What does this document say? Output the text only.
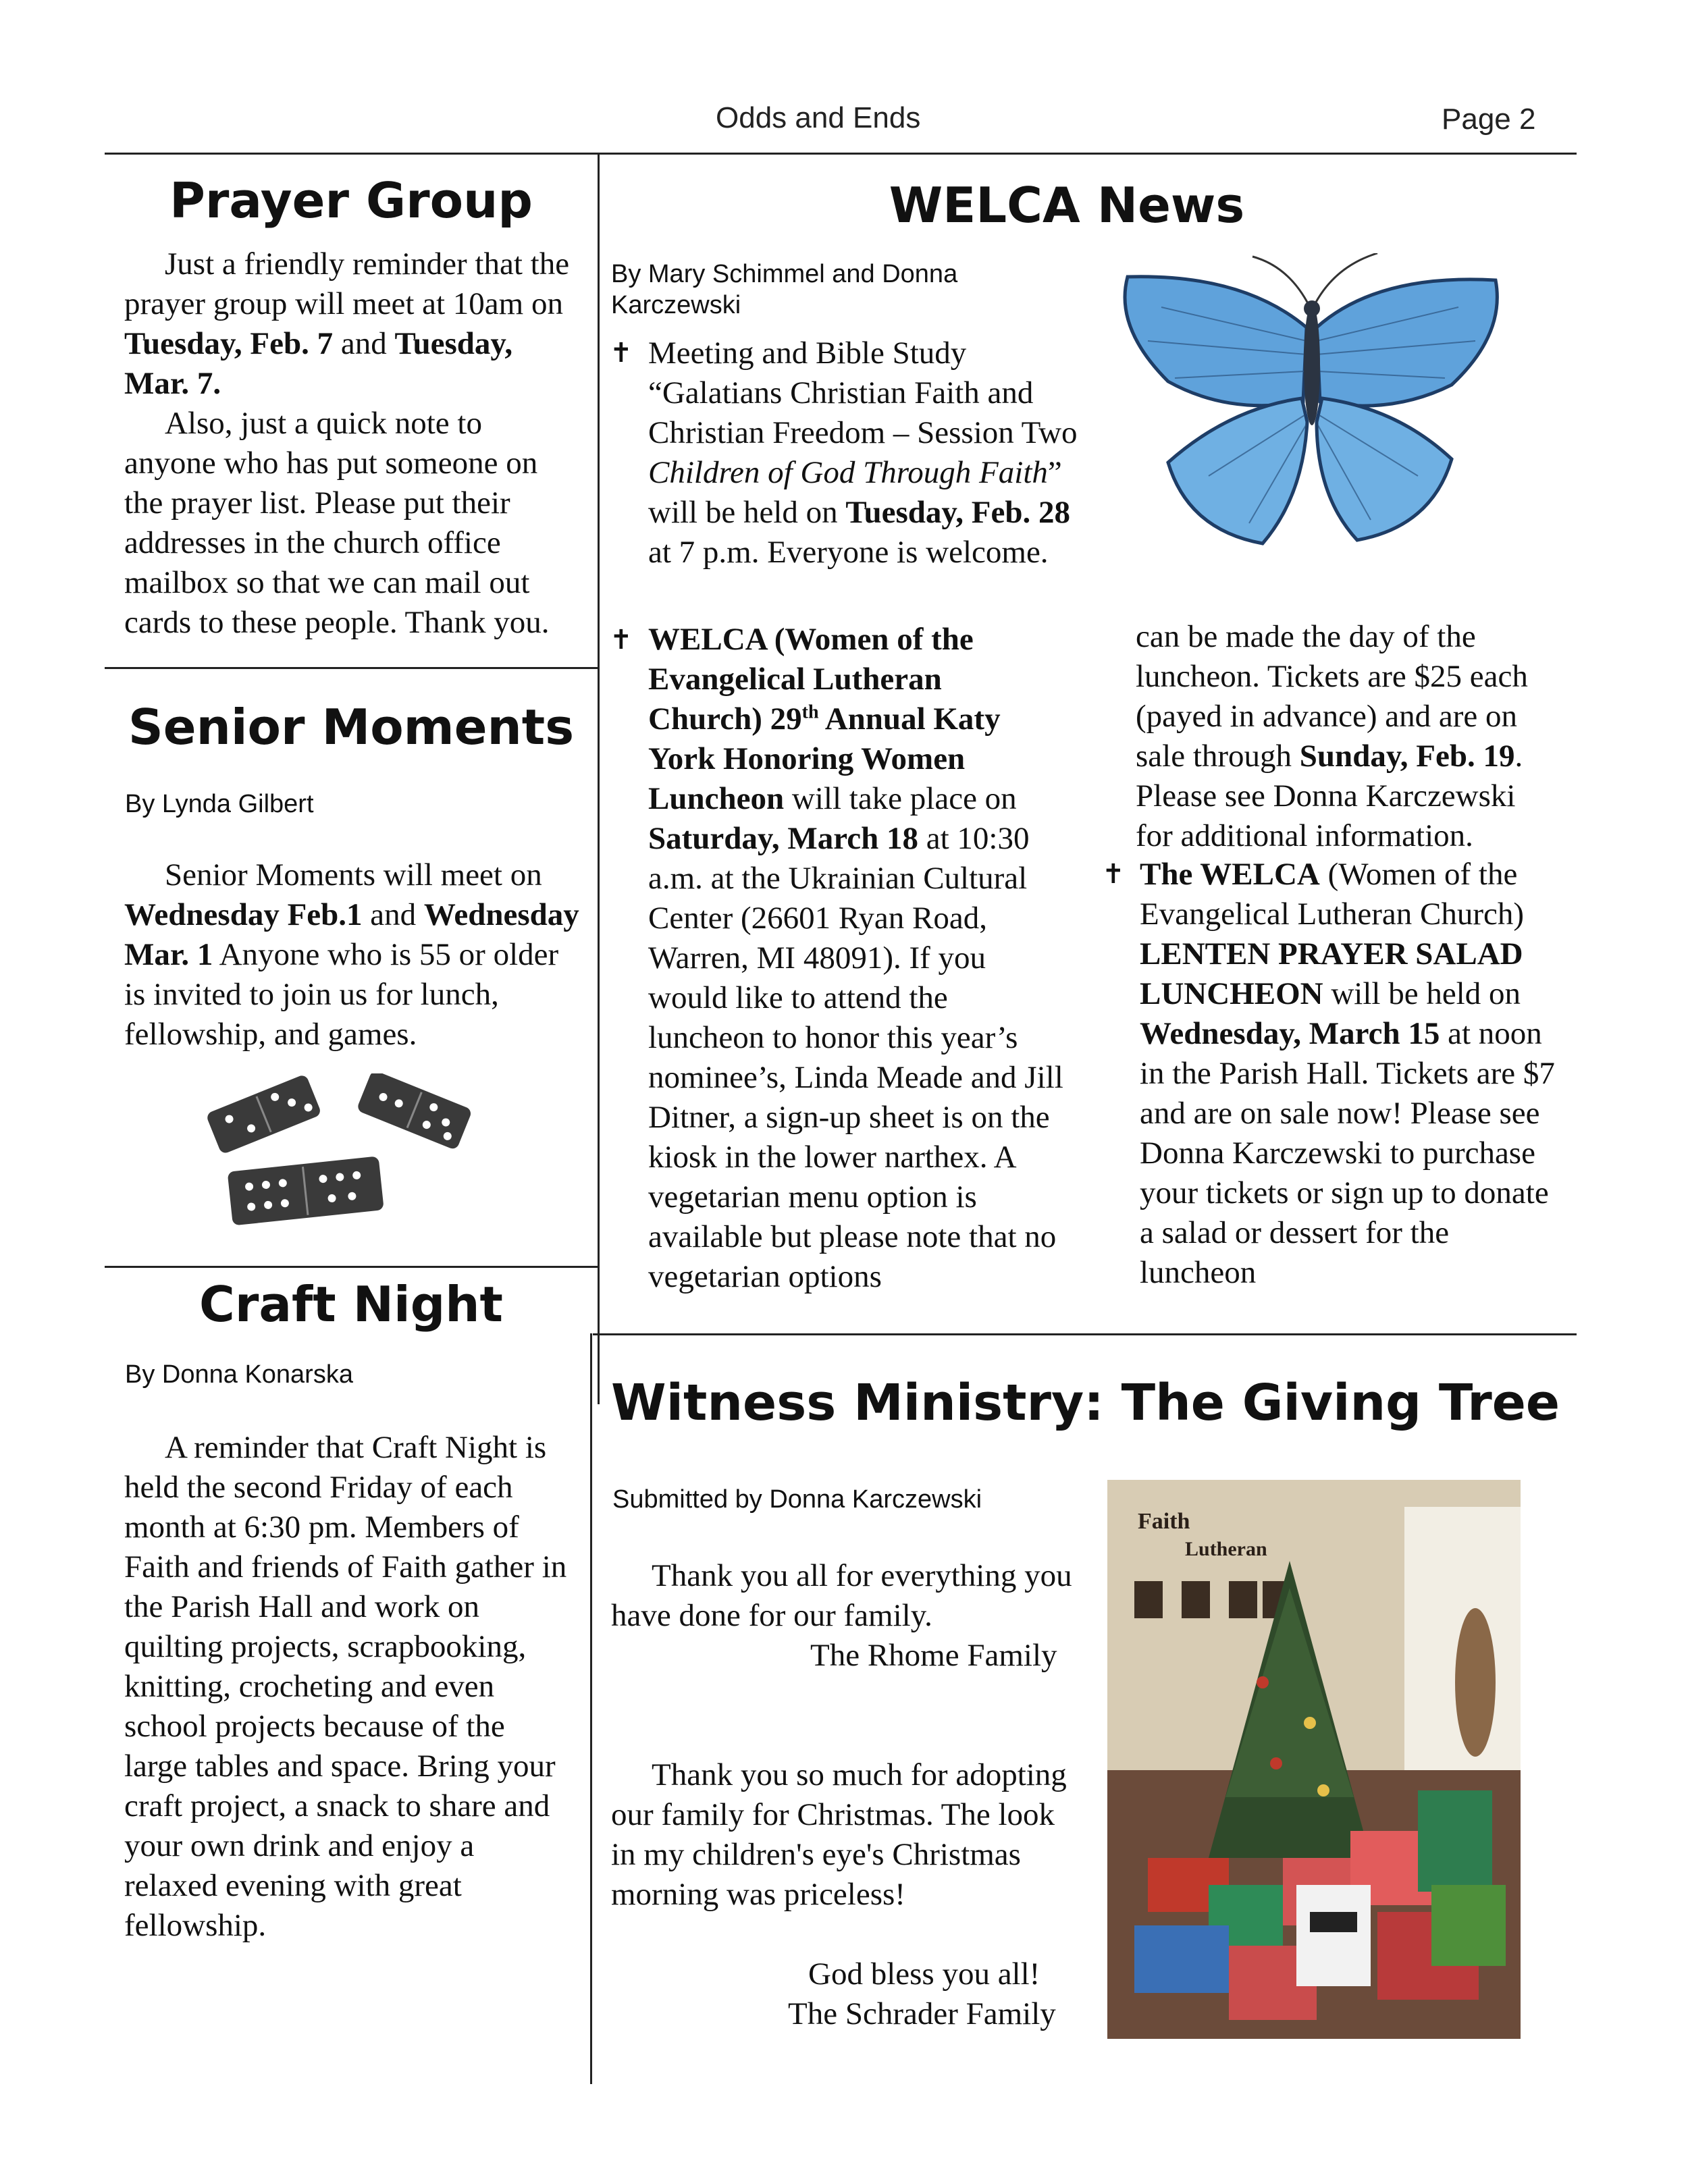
Odds and Ends	Page 2
Prayer Group

Just a friendly reminder that the prayer group will meet at 10am on Tuesday, Feb. 7 and Tuesday, Mar. 7.

Also, just a quick note to anyone who has put someone on the prayer list. Please put their addresses in the church office mailbox so that we can mail out cards to these people. Thank you.

Senior Moments
By Lynda Gilbert

Senior Moments will meet on Wednesday Feb.1 and Wednesday Mar. 1 Anyone who is 55 or older is invited to join us for lunch, fellowship, and games.

Craft Night
By Donna Konarska

A reminder that Craft Night is held the second Friday of each month at 6:30 pm. Members of Faith and friends of Faith gather in the Parish Hall and work on quilting projects, scrapbooking, knitting, crocheting and even school projects because of the large tables and space. Bring your craft project, a snack to share and your own drink and enjoy a relaxed evening with great fellowship.

WELCA News
By Mary Schimmel and Donna Karczewski
✝ Meeting and Bible Study “Galatians Christian Faith and Christian Freedom – Session Two Children of God Through Faith” will be held on Tuesday, Feb. 28 at 7 p.m. Everyone is welcome.

✝ WELCA (Women of the Evangelical Lutheran Church) 29th Annual Katy York Honoring Women Luncheon will take place on Saturday, March 18 at 10:30 a.m. at the Ukrainian Cultural Center (26601 Ryan Road, Warren, MI 48091). If you would like to attend the luncheon to honor this year’s nominee’s, Linda Meade and Jill Ditner, a sign-up sheet is on the kiosk in the lower narthex. A vegetarian menu option is available but please note that no vegetarian options

can be made the day of the luncheon. Tickets are $25 each (payed in advance) and are on sale through Sunday, Feb. 19. Please see Donna Karczewski for additional information.

✝ The WELCA (Women of the Evangelical Lutheran Church) LENTEN PRAYER SALAD LUNCHEON will be held on Wednesday, March 15 at noon in the Parish Hall. Tickets are $7 and are on sale now! Please see Donna Karczewski to purchase your tickets or sign up to donate a salad or dessert for the luncheon

Witness Ministry: The Giving Tree
Submitted by Donna Karczewski

Thank you all for everything you have done for our family.

The Rhome Family

Thank you so much for adopting our family for Christmas. The look in my children's eye's Christmas morning was priceless!

God bless you all!
The Schrader Family
Faith
Lutheran
